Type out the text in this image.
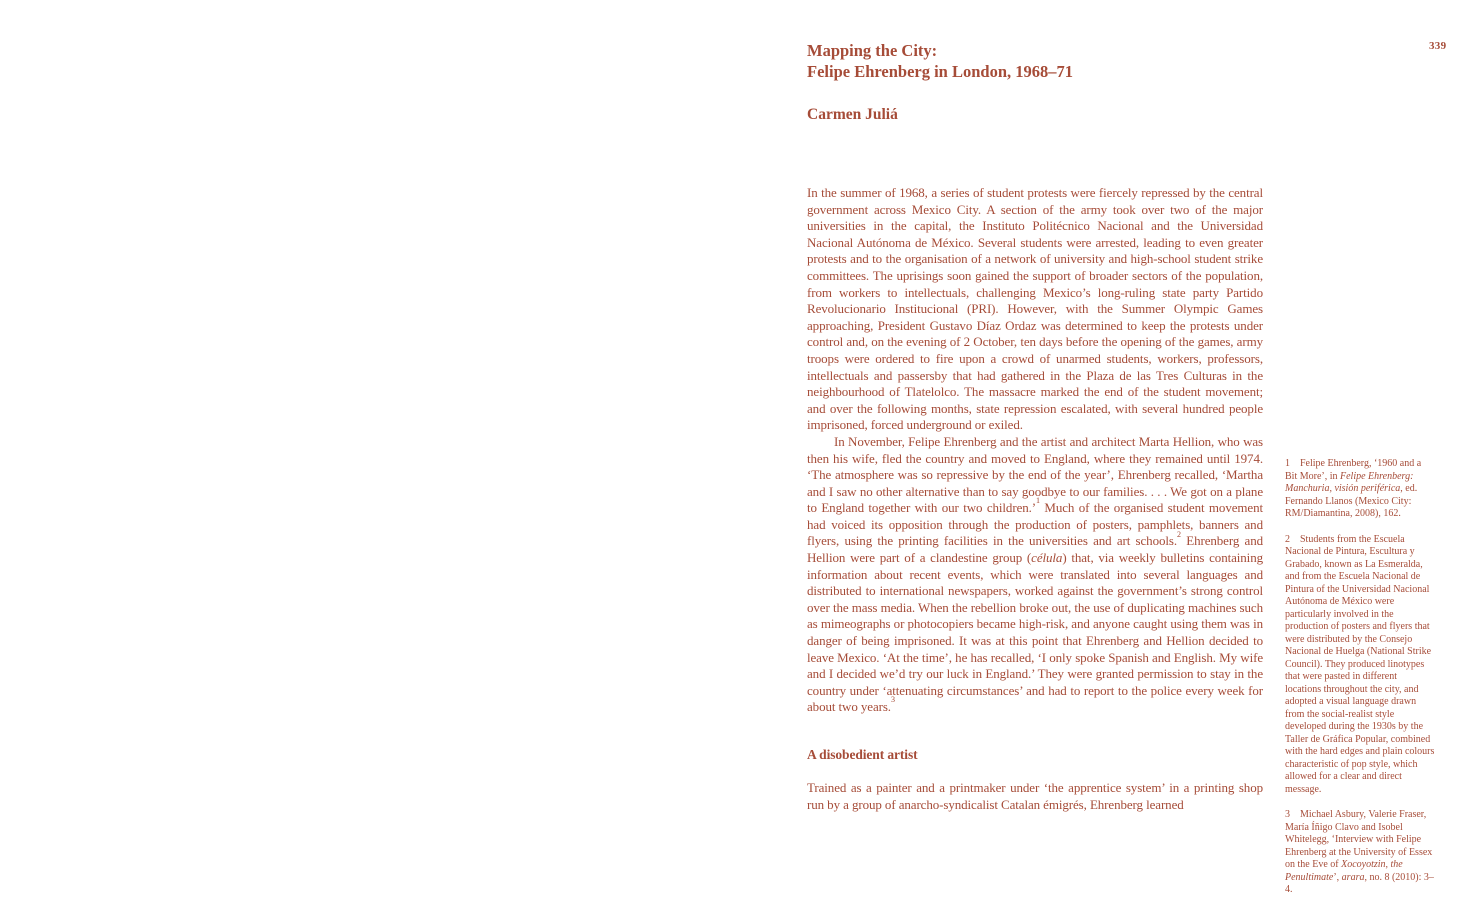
339
Mapping the City:
Felipe Ehrenberg in London, 1968–71
Carmen Juliá

In the summer of 1968, a series of student protests were fiercely repressed by the central government across Mexico City. A section of the army took over two of the major universities in the capital, the Instituto Politécnico Nacional and the Universidad Nacional Autónoma de México. Several students were arrested, leading to even greater protests and to the organisation of a network of university and high-school student strike committees. The uprisings soon gained the support of broader sectors of the population, from workers to intellectuals, challenging Mexico’s long-ruling state party Partido Revolucionario Institucional (PRI). However, with the Summer Olympic Games approaching, President Gustavo Díaz Ordaz was determined to keep the protests under control and, on the evening of 2 October, ten days before the opening of the games, army troops were ordered to fire upon a crowd of unarmed students, workers, professors, intellectuals and passersby that had gathered in the Plaza de las Tres Culturas in the neighbourhood of Tlatelolco. The massacre marked the end of the student movement; and over the following months, state repression escalated, with several hundred people imprisoned, forced underground or exiled.

In November, Felipe Ehrenberg and the artist and architect Marta Hellion, who was then his wife, fled the country and moved to England, where they remained until 1974. ‘The atmosphere was so repressive by the end of the year’, Ehrenberg recalled, ‘Martha and I saw no other alternative than to say goodbye to our families. . . . We got on a plane to England together with our two children.’$^1$ Much of the organised student movement had voiced its opposition through the production of posters, pamphlets, banners and flyers, using the printing facilities in the universities and art schools.$^2$ Ehrenberg and Hellion were part of a clandestine group (célula) that, via weekly bulletins containing information about recent events, which were translated into several languages and distributed to international newspapers, worked against the government’s strong control over the mass media. When the rebellion broke out, the use of duplicating machines such as mimeographs or photocopiers became high-risk, and anyone caught using them was in danger of being imprisoned. It was at this point that Ehrenberg and Hellion decided to leave Mexico. ‘At the time’, he has recalled, ‘I only spoke Spanish and English. My wife and I decided we’d try our luck in England.’ They were granted permission to stay in the country under ‘attenuating circumstances’ and had to report to the police every week for about two years.$^3$

A disobedient artist

Trained as a painter and a printmaker under ‘the apprentice system’ in a printing shop run by a group of anarcho-syndicalist Catalan émigrés, Ehrenberg learned

1 Felipe Ehrenberg, ‘1960 and a Bit More’, in Felipe Ehrenberg: Manchuria, visión periférica, ed. Fernando Llanos (Mexico City: RM/Diamantina, 2008), 162.

2 Students from the Escuela Nacional de Pintura, Escultura y Grabado, known as La Esmeralda, and from the Escuela Nacional de Pintura of the Universidad Nacional Autónoma de México were particularly involved in the production of posters and flyers that were distributed by the Consejo Nacional de Huelga (National Strike Council). They produced linotypes that were pasted in different locations throughout the city, and adopted a visual language drawn from the social-realist style developed during the 1930s by the Taller de Gráfica Popular, combined with the hard edges and plain colours characteristic of pop style, which allowed for a clear and direct message.

3 Michael Asbury, Valerie Fraser, María Íñigo Clavo and Isobel Whitelegg, ‘Interview with Felipe Ehrenberg at the University of Essex on the Eve of Xocoyotzin, the Penultimate’, arara, no. 8 (2010): 3–4.
